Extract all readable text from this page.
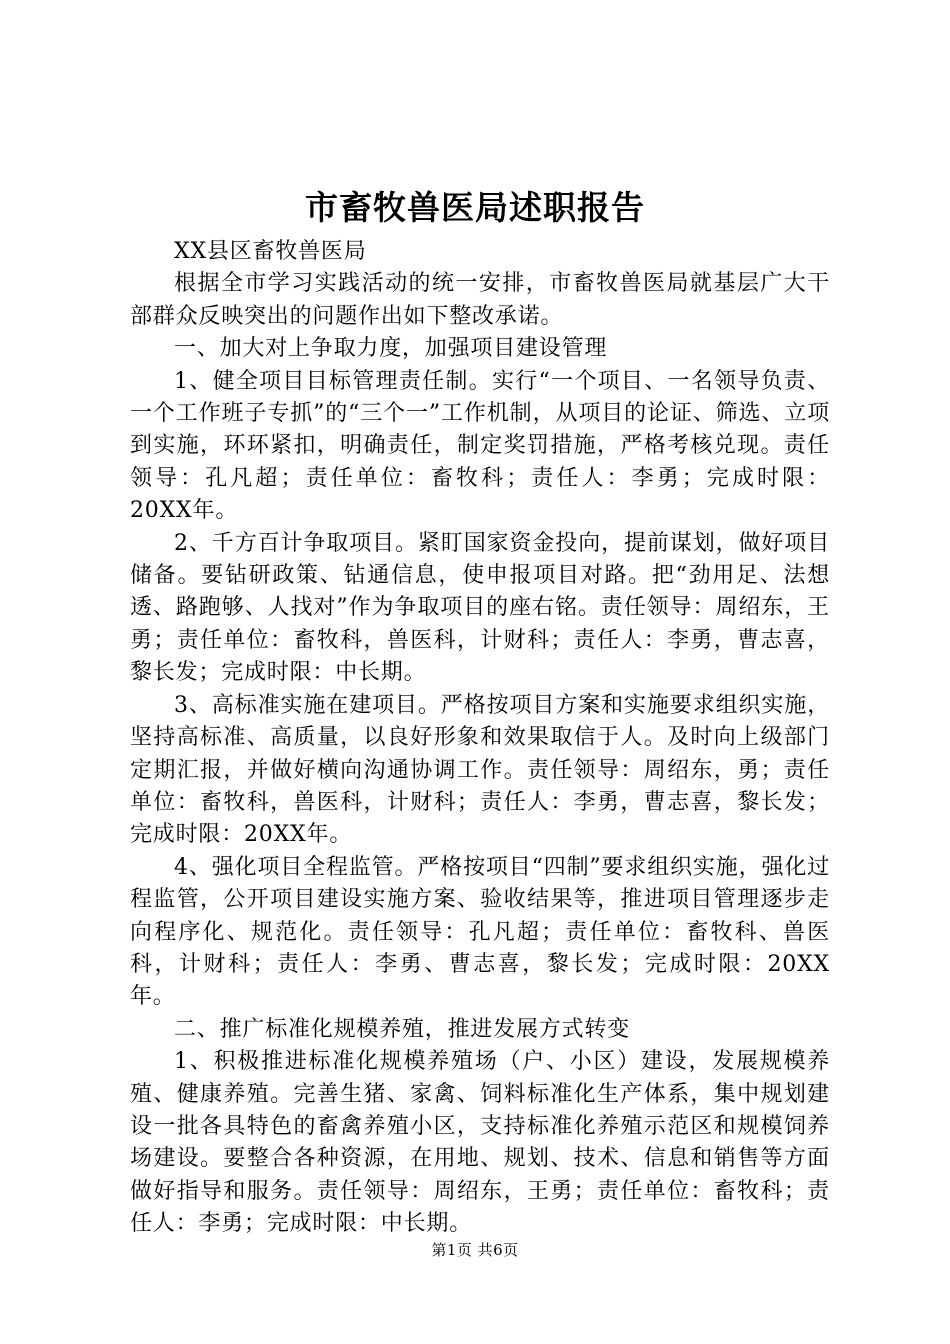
市畜牧兽医局述职报告

XX县区畜牧兽医局

根据全市学习实践活动的统一安排，市畜牧兽医局就基层广大干部群众反映突出的问题作出如下整改承诺。

一、加大对上争取力度，加强项目建设管理

1、健全项目目标管理责任制。实行“一个项目、一名领导负责、一个工作班子专抓”的“三个一”工作机制，从项目的论证、筛选、立项到实施，环环紧扣，明确责任，制定奖罚措施，严格考核兑现。责任领导：孔凡超；责任单位：畜牧科；责任人：李勇；完成时限：20XX年。

2、千方百计争取项目。紧盯国家资金投向，提前谋划，做好项目储备。要钻研政策、钻通信息，使申报项目对路。把“劲用足、法想透、路跑够、人找对”作为争取项目的座右铭。责任领导：周绍东，王勇；责任单位：畜牧科，兽医科，计财科；责任人：李勇，曹志喜，黎长发；完成时限：中长期。

3、高标准实施在建项目。严格按项目方案和实施要求组织实施，坚持高标准、高质量，以良好形象和效果取信于人。及时向上级部门定期汇报，并做好横向沟通协调工作。责任领导：周绍东，勇；责任单位：畜牧科，兽医科，计财科；责任人：李勇，曹志喜，黎长发；完成时限：20XX年。

4、强化项目全程监管。严格按项目“四制”要求组织实施，强化过程监管，公开项目建设实施方案、验收结果等，推进项目管理逐步走向程序化、规范化。责任领导：孔凡超；责任单位：畜牧科、兽医科，计财科；责任人：李勇、曹志喜，黎长发；完成时限：20XX年。

二、推广标准化规模养殖，推进发展方式转变

1、积极推进标准化规模养殖场（户、小区）建设，发展规模养殖、健康养殖。完善生猪、家禽、饲料标准化生产体系，集中规划建设一批各具特色的畜禽养殖小区，支持标准化养殖示范区和规模饲养场建设。要整合各种资源，在用地、规划、技术、信息和销售等方面做好指导和服务。责任领导：周绍东，王勇；责任单位：畜牧科；责任人：李勇；完成时限：中长期。

第1页 共6页
